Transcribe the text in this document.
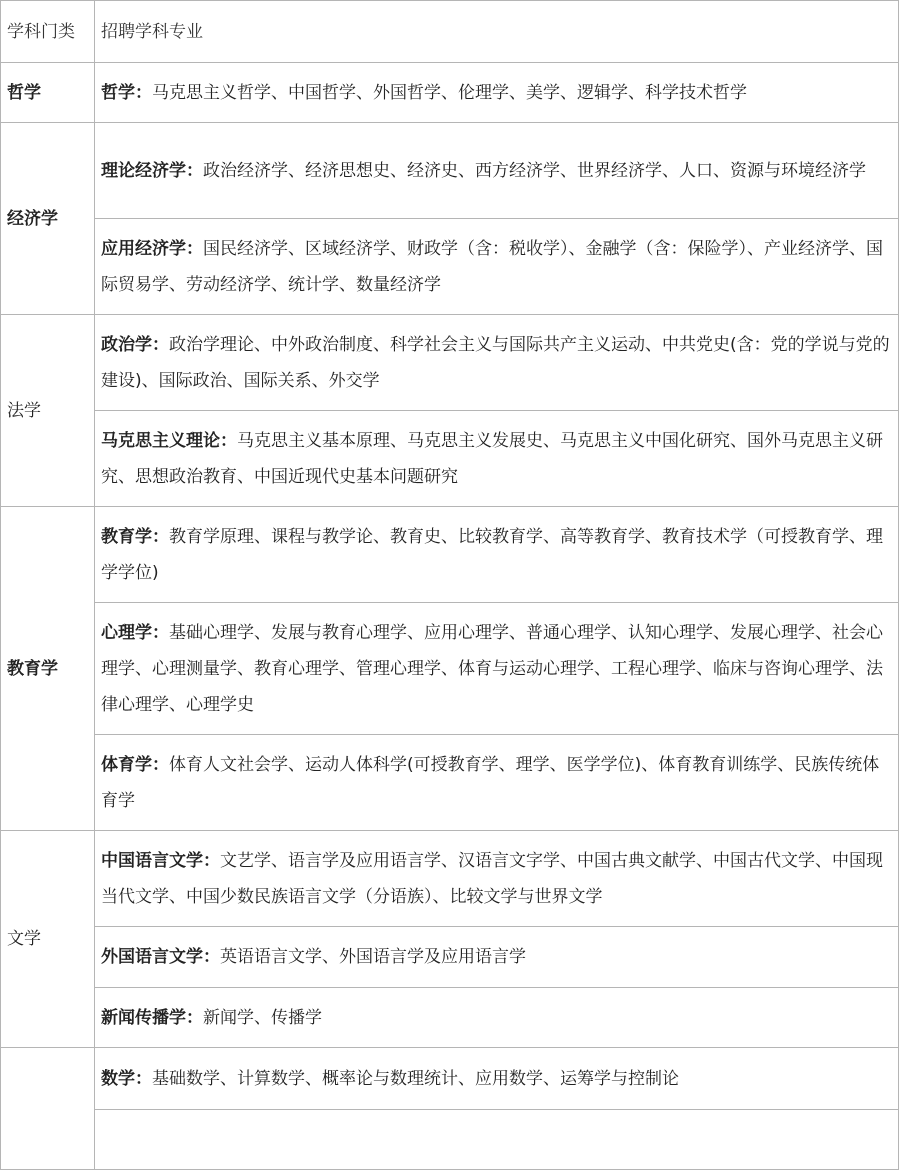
学科门类	招聘学科专业
哲学	哲学：马克思主义哲学、中国哲学、外国哲学、伦理学、美学、逻辑学、科学技术哲学
经济学	理论经济学：政治经济学、经济思想史、经济史、西方经济学、世界经济学、人口、资源与环境经济学
	应用经济学：国民经济学、区域经济学、财政学（含：税收学）、金融学（含：保险学）、产业经济学、国际贸易学、劳动经济学、统计学、数量经济学
法学	政治学：政治学理论、中外政治制度、科学社会主义与国际共产主义运动、中共党史(含：党的学说与党的建设)、国际政治、国际关系、外交学
	马克思主义理论：马克思主义基本原理、马克思主义发展史、马克思主义中国化研究、国外马克思主义研究、思想政治教育、中国近现代史基本问题研究
教育学	教育学：教育学原理、课程与教学论、教育史、比较教育学、高等教育学、教育技术学（可授教育学、理学学位)
	心理学：基础心理学、发展与教育心理学、应用心理学、普通心理学、认知心理学、发展心理学、社会心理学、心理测量学、教育心理学、管理心理学、体育与运动心理学、工程心理学、临床与咨询心理学、法律心理学、心理学史
	体育学：体育人文社会学、运动人体科学(可授教育学、理学、医学学位)、体育教育训练学、民族传统体育学
文学	中国语言文学：文艺学、语言学及应用语言学、汉语言文字学、中国古典文献学、中国古代文学、中国现当代文学、中国少数民族语言文学（分语族）、比较文学与世界文学
	外国语言文学：英语语言文学、外国语言学及应用语言学
	新闻传播学：新闻学、传播学
	数学：基础数学、计算数学、概率论与数理统计、应用数学、运筹学与控制论
